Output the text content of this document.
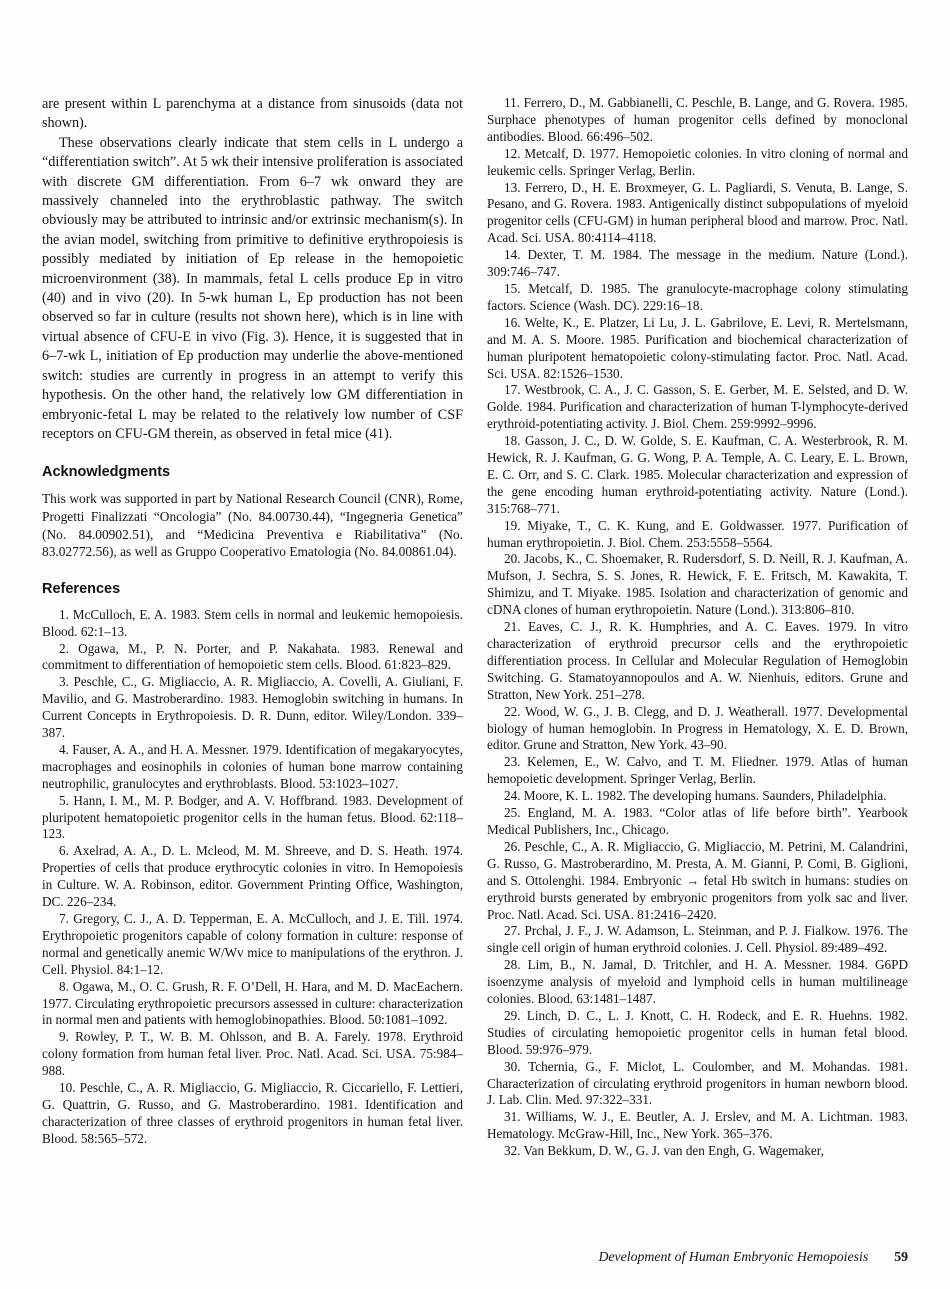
are present within L parenchyma at a distance from sinusoids (data not shown).

These observations clearly indicate that stem cells in L undergo a “differentiation switch”. At 5 wk their intensive proliferation is associated with discrete GM differentiation. From 6–7 wk onward they are massively channeled into the erythroblastic pathway. The switch obviously may be attributed to intrinsic and/or extrinsic mechanism(s). In the avian model, switching from primitive to definitive erythropoiesis is possibly mediated by initiation of Ep release in the hemopoietic microenvironment (38). In mammals, fetal L cells produce Ep in vitro (40) and in vivo (20). In 5-wk human L, Ep production has not been observed so far in culture (results not shown here), which is in line with virtual absence of CFU-E in vivo (Fig. 3). Hence, it is suggested that in 6–7-wk L, initiation of Ep production may underlie the above-mentioned switch: studies are currently in progress in an attempt to verify this hypothesis. On the other hand, the relatively low GM differentiation in embryonic-fetal L may be related to the relatively low number of CSF receptors on CFU-GM therein, as observed in fetal mice (41).

Acknowledgments

This work was supported in part by National Research Council (CNR), Rome, Progetti Finalizzati “Oncologia” (No. 84.00730.44), “Ingegneria Genetica” (No. 84.00902.51), and “Medicina Preventiva e Riabilitativa” (No. 83.02772.56), as well as Gruppo Cooperativo Ematologia (No. 84.00861.04).

References

1. McCulloch, E. A. 1983. Stem cells in normal and leukemic hemopoiesis. Blood. 62:1–13.

2. Ogawa, M., P. N. Porter, and P. Nakahata. 1983. Renewal and commitment to differentiation of hemopoietic stem cells. Blood. 61:823–829.

3. Peschle, C., G. Migliaccio, A. R. Migliaccio, A. Covelli, A. Giuliani, F. Mavilio, and G. Mastroberardino. 1983. Hemoglobin switching in humans. In Current Concepts in Erythropoiesis. D. R. Dunn, editor. Wiley/London. 339–387.

4. Fauser, A. A., and H. A. Messner. 1979. Identification of megakaryocytes, macrophages and eosinophils in colonies of human bone marrow containing neutrophilic, granulocytes and erythroblasts. Blood. 53:1023–1027.

5. Hann, I. M., M. P. Bodger, and A. V. Hoffbrand. 1983. Development of pluripotent hematopoietic progenitor cells in the human fetus. Blood. 62:118–123.

6. Axelrad, A. A., D. L. Mcleod, M. M. Shreeve, and D. S. Heath. 1974. Properties of cells that produce erythrocytic colonies in vitro. In Hemopoiesis in Culture. W. A. Robinson, editor. Government Printing Office, Washington, DC. 226–234.

7. Gregory, C. J., A. D. Tepperman, E. A. McCulloch, and J. E. Till. 1974. Erythropoietic progenitors capable of colony formation in culture: response of normal and genetically anemic W/Wv mice to manipulations of the erythron. J. Cell. Physiol. 84:1–12.

8. Ogawa, M., O. C. Grush, R. F. O’Dell, H. Hara, and M. D. MacEachern. 1977. Circulating erythropoietic precursors assessed in culture: characterization in normal men and patients with hemoglobinopathies. Blood. 50:1081–1092.

9. Rowley, P. T., W. B. M. Ohlsson, and B. A. Farely. 1978. Erythroid colony formation from human fetal liver. Proc. Natl. Acad. Sci. USA. 75:984–988.

10. Peschle, C., A. R. Migliaccio, G. Migliaccio, R. Ciccariello, F. Lettieri, G. Quattrin, G. Russo, and G. Mastroberardino. 1981. Identification and characterization of three classes of erythroid progenitors in human fetal liver. Blood. 58:565–572.

11. Ferrero, D., M. Gabbianelli, C. Peschle, B. Lange, and G. Rovera. 1985. Surphace phenotypes of human progenitor cells defined by monoclonal antibodies. Blood. 66:496–502.

12. Metcalf, D. 1977. Hemopoietic colonies. In vitro cloning of normal and leukemic cells. Springer Verlag, Berlin.

13. Ferrero, D., H. E. Broxmeyer, G. L. Pagliardi, S. Venuta, B. Lange, S. Pesano, and G. Rovera. 1983. Antigenically distinct subpopulations of myeloid progenitor cells (CFU-GM) in human peripheral blood and marrow. Proc. Natl. Acad. Sci. USA. 80:4114–4118.

14. Dexter, T. M. 1984. The message in the medium. Nature (Lond.). 309:746–747.

15. Metcalf, D. 1985. The granulocyte-macrophage colony stimulating factors. Science (Wash. DC). 229:16–18.

16. Welte, K., E. Platzer, Li Lu, J. L. Gabrilove, E. Levi, R. Mertelsmann, and M. A. S. Moore. 1985. Purification and biochemical characterization of human pluripotent hematopoietic colony-stimulating factor. Proc. Natl. Acad. Sci. USA. 82:1526–1530.

17. Westbrook, C. A., J. C. Gasson, S. E. Gerber, M. E. Selsted, and D. W. Golde. 1984. Purification and characterization of human T-lymphocyte-derived erythroid-potentiating activity. J. Biol. Chem. 259:9992–9996.

18. Gasson, J. C., D. W. Golde, S. E. Kaufman, C. A. Westerbrook, R. M. Hewick, R. J. Kaufman, G. G. Wong, P. A. Temple, A. C. Leary, E. L. Brown, E. C. Orr, and S. C. Clark. 1985. Molecular characterization and expression of the gene encoding human erythroid-potentiating activity. Nature (Lond.). 315:768–771.

19. Miyake, T., C. K. Kung, and E. Goldwasser. 1977. Purification of human erythropoietin. J. Biol. Chem. 253:5558–5564.

20. Jacobs, K., C. Shoemaker, R. Rudersdorf, S. D. Neill, R. J. Kaufman, A. Mufson, J. Sechra, S. S. Jones, R. Hewick, F. E. Fritsch, M. Kawakita, T. Shimizu, and T. Miyake. 1985. Isolation and characterization of genomic and cDNA clones of human erythropoietin. Nature (Lond.). 313:806–810.

21. Eaves, C. J., R. K. Humphries, and A. C. Eaves. 1979. In vitro characterization of erythroid precursor cells and the erythropoietic differentiation process. In Cellular and Molecular Regulation of Hemoglobin Switching. G. Stamatoyannopoulos and A. W. Nienhuis, editors. Grune and Stratton, New York. 251–278.

22. Wood, W. G., J. B. Clegg, and D. J. Weatherall. 1977. Developmental biology of human hemoglobin. In Progress in Hematology, X. E. D. Brown, editor. Grune and Stratton, New York. 43–90.

23. Kelemen, E., W. Calvo, and T. M. Fliedner. 1979. Atlas of human hemopoietic development. Springer Verlag, Berlin.

24. Moore, K. L. 1982. The developing humans. Saunders, Philadelphia.

25. England, M. A. 1983. “Color atlas of life before birth”. Yearbook Medical Publishers, Inc., Chicago.

26. Peschle, C., A. R. Migliaccio, G. Migliaccio, M. Petrini, M. Calandrini, G. Russo, G. Mastroberardino, M. Presta, A. M. Gianni, P. Comi, B. Giglioni, and S. Ottolenghi. 1984. Embryonic → fetal Hb switch in humans: studies on erythroid bursts generated by embryonic progenitors from yolk sac and liver. Proc. Natl. Acad. Sci. USA. 81:2416–2420.

27. Prchal, J. F., J. W. Adamson, L. Steinman, and P. J. Fialkow. 1976. The single cell origin of human erythroid colonies. J. Cell. Physiol. 89:489–492.

28. Lim, B., N. Jamal, D. Tritchler, and H. A. Messner. 1984. G6PD isoenzyme analysis of myeloid and lymphoid cells in human multilineage colonies. Blood. 63:1481–1487.

29. Linch, D. C., L. J. Knott, C. H. Rodeck, and E. R. Huehns. 1982. Studies of circulating hemopoietic progenitor cells in human fetal blood. Blood. 59:976–979.

30. Tchernia, G., F. Miclot, L. Coulomber, and M. Mohandas. 1981. Characterization of circulating erythroid progenitors in human newborn blood. J. Lab. Clin. Med. 97:322–331.

31. Williams, W. J., E. Beutler, A. J. Erslev, and M. A. Lichtman. 1983. Hematology. McGraw-Hill, Inc., New York. 365–376.

32. Van Bekkum, D. W., G. J. van den Engh, G. Wagemaker,

Development of Human Embryonic Hemopoiesis 59
